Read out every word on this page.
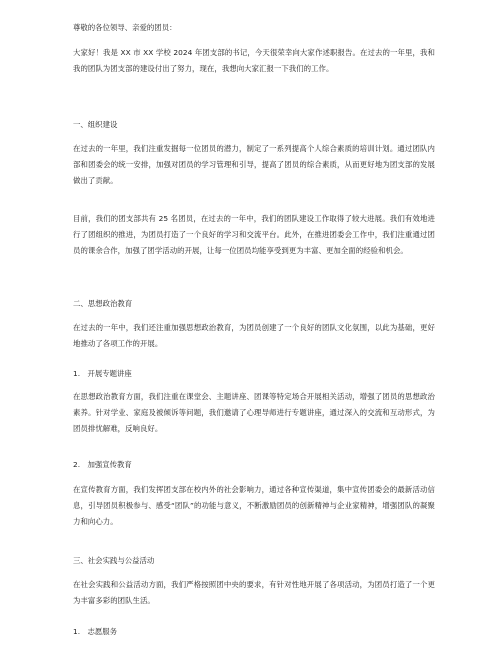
尊敬的各位领导、亲爱的团员：
大家好！我是 XX 市 XX 学校 2024 年团支部的书记，今天很荣幸向大家作述职报告。在过去的一年里，我和我的团队为团支部的建设付出了努力，现在，我想向大家汇报一下我们的工作。
一、组织建设
在过去的一年里，我们注重发掘每一位团员的潜力，制定了一系列提高个人综合素质的培训计划。通过团队内部和团委会的统一安排，加强对团员的学习管理和引导，提高了团员的综合素质，从而更好地为团支部的发展做出了贡献。
目前，我们的团支部共有 25 名团员，在过去的一年中，我们的团队建设工作取得了较大进展。我们有效地进行了团组织的推进，为团员打造了一个良好的学习和交流平台。此外，在推进团委会工作中，我们注重通过团员的课余合作，加强了团学活动的开展，让每一位团员均能享受到更为丰富、更加全面的经验和机会。
二、思想政治教育
在过去的一年中，我们还注重加强思想政治教育，为团员创建了一个良好的团队文化氛围，以此为基础，更好地推动了各项工作的开展。
1.　开展专题讲座
在思想政治教育方面，我们注重在课堂会、主题讲座、团课等特定场合开展相关活动，增强了团员的思想政治素养。针对学业、家庭及被倾诉等问题，我们邀请了心理导师进行专题讲座，通过深入的交流和互动形式，为团员排忧解难，反响良好。
2.　加强宣传教育
在宣传教育方面，我们发挥团支部在校内外的社会影响力，通过各种宣传渠道，集中宣传团委会的最新活动信息，引导团员积极参与、感受“团队”的功能与意义，不断激励团员的创新精神与企业家精神，增强团队的凝聚力和向心力。
三、社会实践与公益活动
在社会实践和公益活动方面，我们严格按照团中央的要求，有针对性地开展了各项活动，为团员打造了一个更为丰富多彩的团队生活。
1.　志愿服务
